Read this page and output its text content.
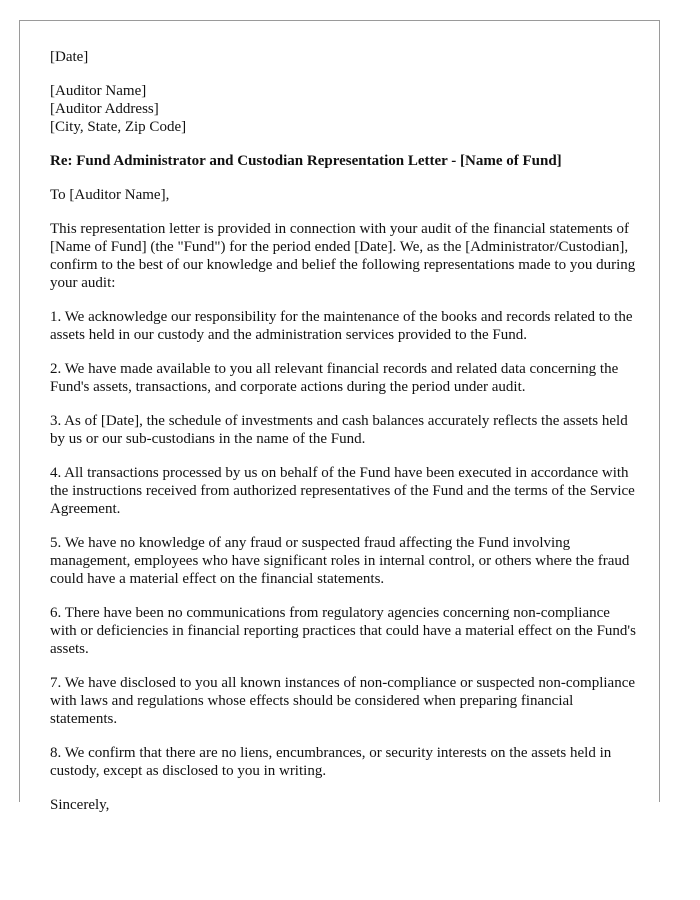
[Date]

[Auditor Name]
[Auditor Address]
[City, State, Zip Code]

Re: Fund Administrator and Custodian Representation Letter - [Name of Fund]

To [Auditor Name],

This representation letter is provided in connection with your audit of the financial statements of [Name of Fund] (the "Fund") for the period ended [Date]. We, as the [Administrator/Custodian], confirm to the best of our knowledge and belief the following representations made to you during your audit:

1. We acknowledge our responsibility for the maintenance of the books and records related to the assets held in our custody and the administration services provided to the Fund.

2. We have made available to you all relevant financial records and related data concerning the Fund's assets, transactions, and corporate actions during the period under audit.

3. As of [Date], the schedule of investments and cash balances accurately reflects the assets held by us or our sub-custodians in the name of the Fund.

4. All transactions processed by us on behalf of the Fund have been executed in accordance with the instructions received from authorized representatives of the Fund and the terms of the Service Agreement.

5. We have no knowledge of any fraud or suspected fraud affecting the Fund involving management, employees who have significant roles in internal control, or others where the fraud could have a material effect on the financial statements.

6. There have been no communications from regulatory agencies concerning non-compliance with or deficiencies in financial reporting practices that could have a material effect on the Fund's assets.

7. We have disclosed to you all known instances of non-compliance or suspected non-compliance with laws and regulations whose effects should be considered when preparing financial statements.

8. We confirm that there are no liens, encumbrances, or security interests on the assets held in custody, except as disclosed to you in writing.

Sincerely,
